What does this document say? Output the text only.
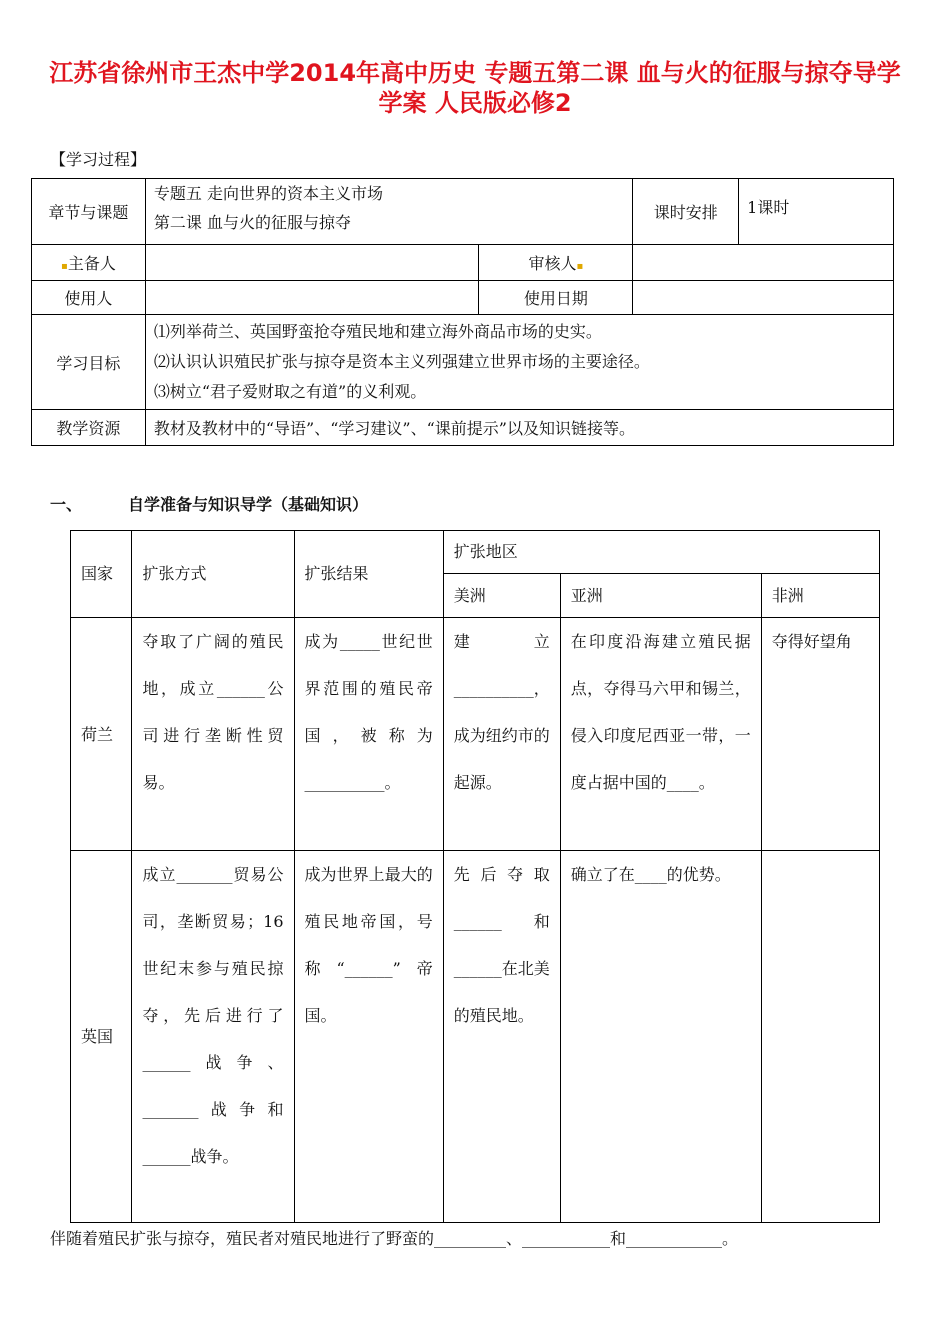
江苏省徐州市王杰中学2014年高中历史 专题五第二课 血与火的征服与掠夺导学学案 人民版必修2
【学习过程】
章节与课题	专题五 走向世界的资本主义市场
第二课 血与火的征服与掠夺		课时安排	1课时
▪主备人		审核人▪		
使用人		使用日期		
学习目标	⑴列举荷兰、英国野蛮抢夺殖民地和建立海外商品市场的史实。
⑵认识认识殖民扩张与掠夺是资本主义列强建立世界市场的主要途径。
⑶树立“君子爱财取之有道”的义利观。			

教学资源	教材及教材中的“导语”、“学习建议”、“课前提示”以及知识链接等。			
一、	自学准备与知识导学（基础知识）
国家	扩张方式	扩张结果	扩张地区		
			美洲	亚洲	非洲
荷兰	夺取了广阔的殖民地，成立______公司进行垄断性贸易。	成为_____世纪世界范围的殖民帝国，被称为 __________。	建立__________，成为纽约市的起源。	在印度沿海建立殖民据点，夺得马六甲和锡兰，侵入印度尼西亚一带，一度占据中国的____。	夺得好望角
英国	成立_______贸易公司，垄断贸易；16世纪末参与殖民掠夺，先后进行了______战争、_______战争和______战争。	成为世界上最大的殖民地帝国，号称“______”帝国。	先后夺取______和______在北美的殖民地。	确立了在____的优势。	
伴随着殖民扩张与掠夺，殖民者对殖民地进行了野蛮的_________、___________和____________。
